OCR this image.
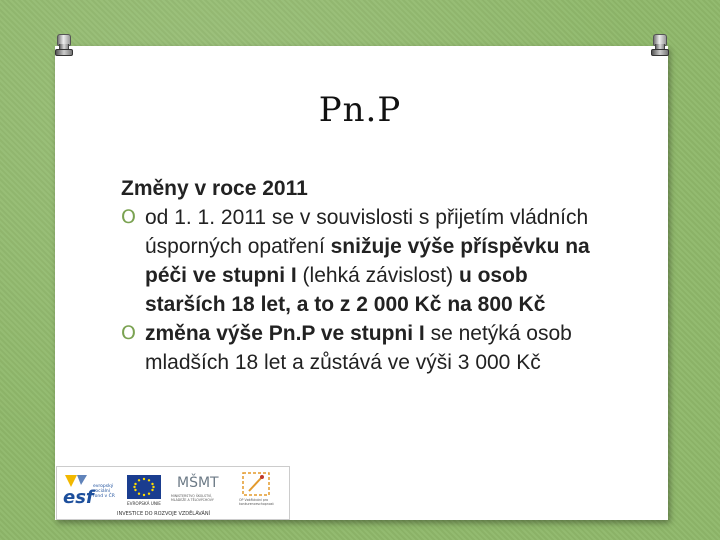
Pn.P
Změny v roce 2011
O od 1. 1. 2011 se v souvislosti s přijetím vládních úsporných opatření snižuje výše příspěvku na péči ve stupni I (lehká závislost) u osob starších 18 let, a to z 2 000 Kč na 800 Kč
O změna výše Pn.P ve stupni I se netýká osob mladších 18 let a zůstává ve výši 3 000 Kč
esf
evropský
sociální
fond v ČR
EVROPSKÁ UNIE
MŠMT
MINISTERSTVO ŠKOLSTVÍ,
MLÁDEŽE A TĚLOVÝCHOVY	OP Vzdělávání pro
konkurenceschopnost
INVESTICE DO ROZVOJE VZDĚLÁVÁNÍ
